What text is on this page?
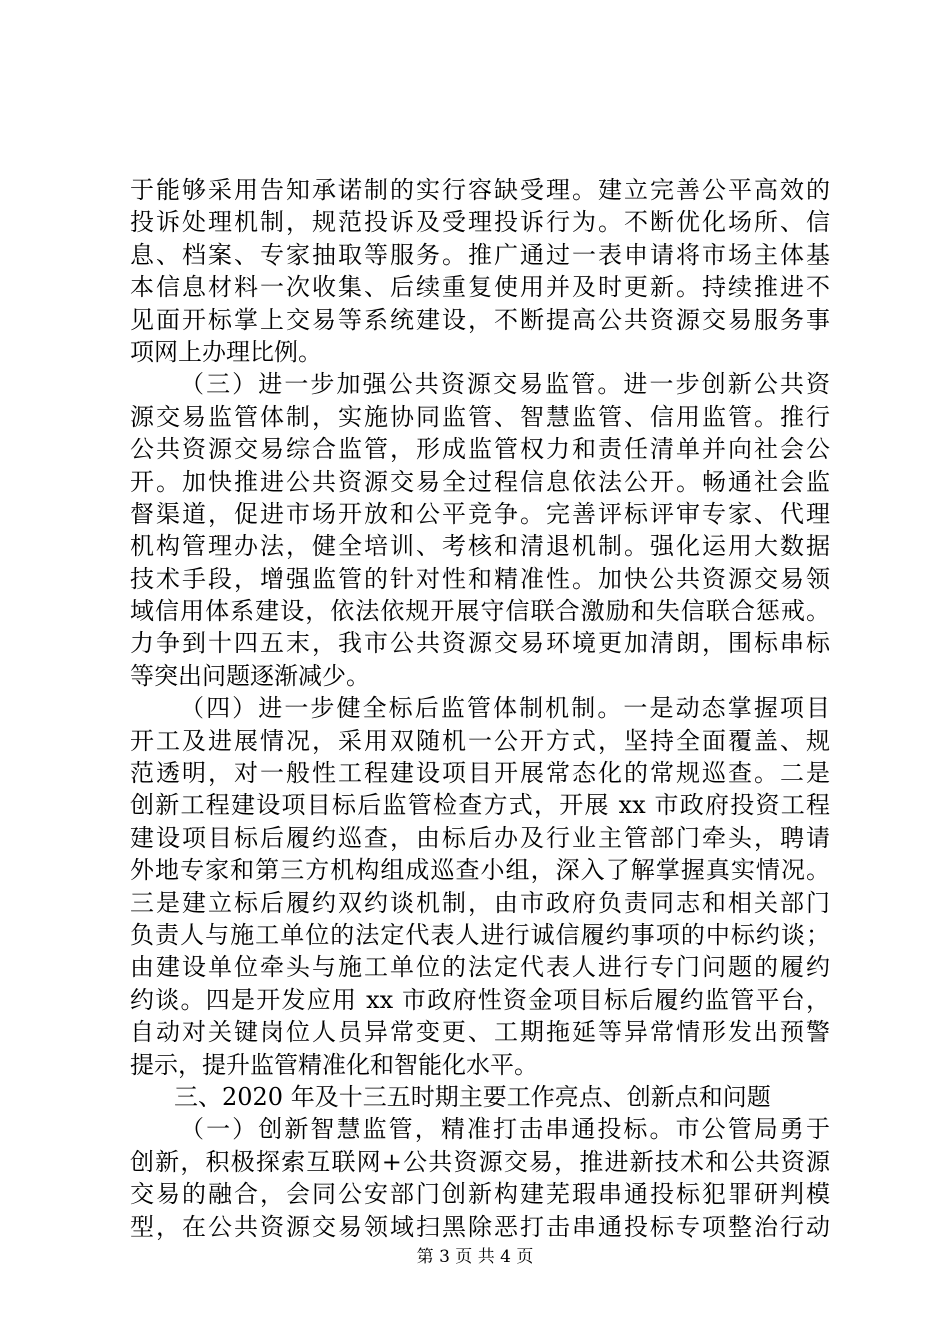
于能够采用告知承诺制的实行容缺受理。建立完善公平高效的
投诉处理机制，规范投诉及受理投诉行为。不断优化场所、信
息、档案、专家抽取等服务。推广通过一表申请将市场主体基
本信息材料一次收集、后续重复使用并及时更新。持续推进不
见面开标掌上交易等系统建设，不断提高公共资源交易服务事
项网上办理比例。
（三）进一步加强公共资源交易监管。进一步创新公共资
源交易监管体制，实施协同监管、智慧监管、信用监管。推行
公共资源交易综合监管，形成监管权力和责任清单并向社会公
开。加快推进公共资源交易全过程信息依法公开。畅通社会监
督渠道，促进市场开放和公平竞争。完善评标评审专家、代理
机构管理办法，健全培训、考核和清退机制。强化运用大数据
技术手段，增强监管的针对性和精准性。加快公共资源交易领
域信用体系建设，依法依规开展守信联合激励和失信联合惩戒。
力争到十四五末，我市公共资源交易环境更加清朗，围标串标
等突出问题逐渐减少。
（四）进一步健全标后监管体制机制。一是动态掌握项目
开工及进展情况，采用双随机一公开方式，坚持全面覆盖、规
范透明，对一般性工程建设项目开展常态化的常规巡查。二是
创新工程建设项目标后监管检查方式，开展 xx 市政府投资工程
建设项目标后履约巡查，由标后办及行业主管部门牵头，聘请
外地专家和第三方机构组成巡查小组，深入了解掌握真实情况。
三是建立标后履约双约谈机制，由市政府负责同志和相关部门
负责人与施工单位的法定代表人进行诚信履约事项的中标约谈；
由建设单位牵头与施工单位的法定代表人进行专门问题的履约
约谈。四是开发应用 xx 市政府性资金项目标后履约监管平台，
自动对关键岗位人员异常变更、工期拖延等异常情形发出预警
提示，提升监管精准化和智能化水平。
三、2020 年及十三五时期主要工作亮点、创新点和问题
（一）创新智慧监管，精准打击串通投标。市公管局勇于
创新，积极探索互联网+公共资源交易，推进新技术和公共资源
交易的融合，会同公安部门创新构建芜瑕串通投标犯罪研判模
型，在公共资源交易领域扫黑除恶打击串通投标专项整治行动
第 3 页 共 4 页
